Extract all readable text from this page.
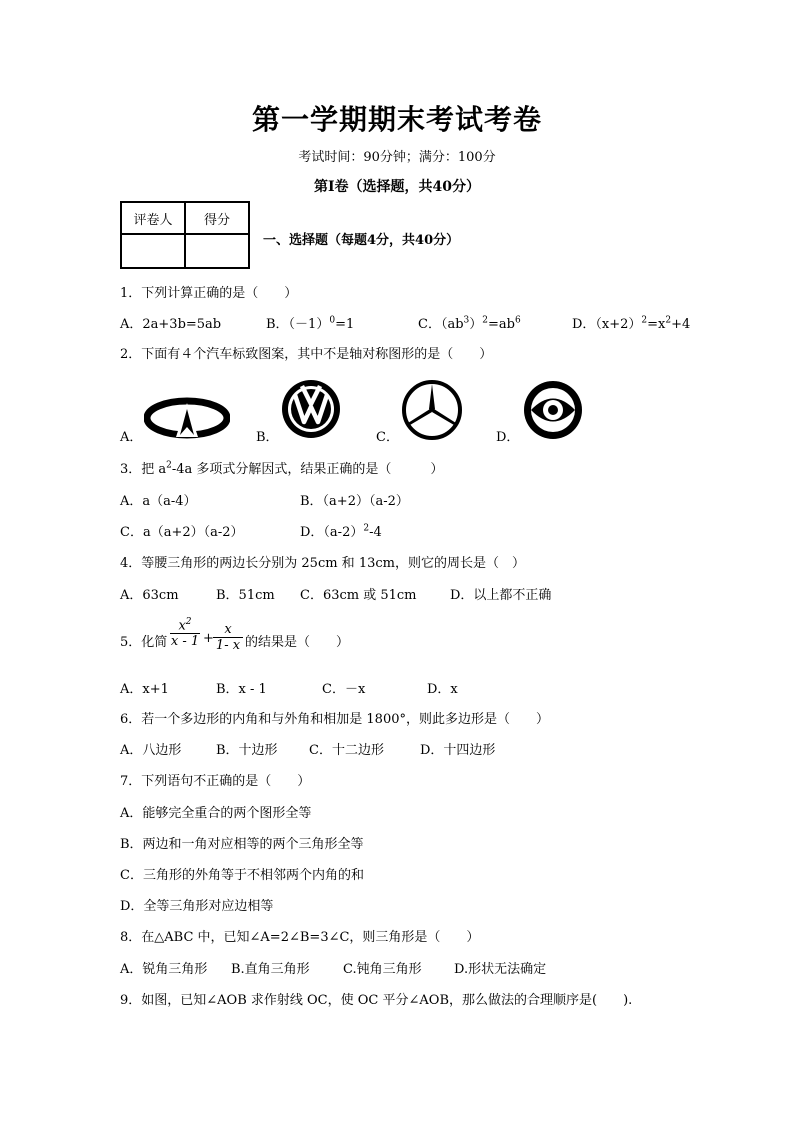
第一学期期末考试考卷
考试时间：90分钟；满分：100分
第Ⅰ卷（选择题，共40分）
评卷人	得分

一、选择题（每题4分，共40分）
1．下列计算正确的是（　　）
A．2a+3b=5ab	B．$(-1)^0=1$	C．$(ab^3)^2=ab^6$	D．$(x+2)^2=x^2+4$
2．下面有４个汽车标致图案，其中不是轴对称图形的是（　　）
A．	B．	C．	D．
3．把 $a^2-4a$ 多项式分解因式，结果正确的是（　　　）
A．a（a-4）	B．（a+2）（a-2）
C．a（a+2）（a-2）	D．$(a-2)^2-4$
4．等腰三角形的两边长分别为 25cm 和 13cm，则它的周长是（　）
A．63cm	B．51cm C．63cm 或 51cm	D．以上都不正确
5．化简 $\frac{x^2}{x - 1} + \frac{x}{1- x}$ 的结果是（　　）
A．x+1	B．x - 1	C．－x	D．x
6．若一个多边形的内角和与外角和相加是 1800°，则此多边形是（　　）
A．八边形	B．十边形 C．十二边形	D．十四边形
7．下列语句不正确的是（　　）
A．能够完全重合的两个图形全等
B．两边和一角对应相等的两个三角形全等
C．三角形的外角等于不相邻两个内角的和
D．全等三角形对应边相等
8．在△ABC 中，已知∠A=2∠B=3∠C，则三角形是（　　）
A．锐角三角形 B.直角三角形	C.钝角三角形 D.形状无法确定
9．如图，已知∠AOB 求作射线 OC，使 OC 平分∠AOB，那么做法的合理顺序是(　　).
